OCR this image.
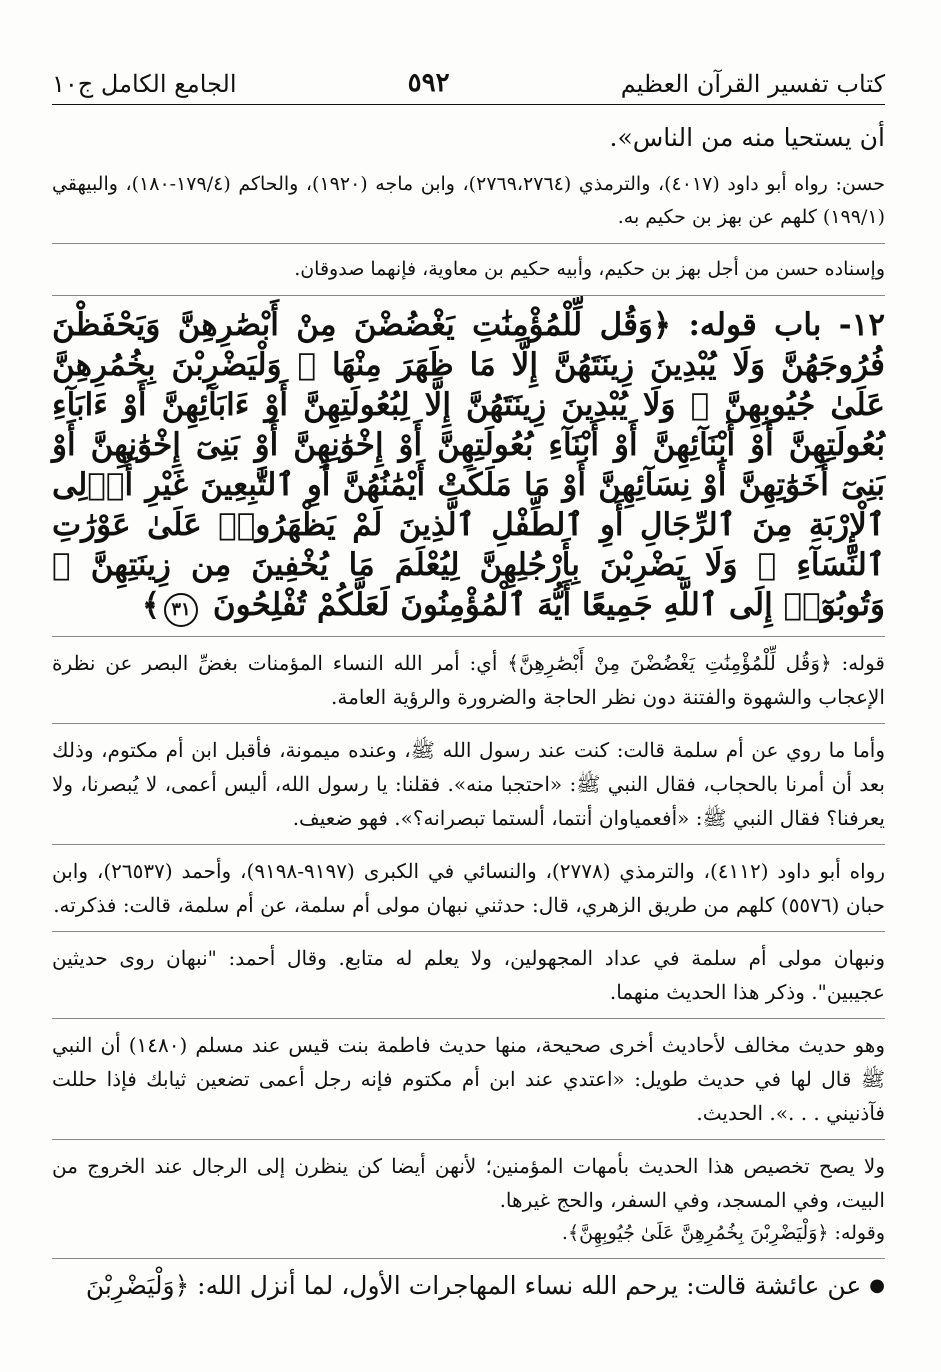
كتاب تفسير القرآن العظيم
٥٩٢
الجامع الكامل ج١٠

أن يستحيا منه من الناس».

حسن: رواه أبو داود (٤٠١٧)، والترمذي (٢٧٦٩،٢٧٦٤)، وابن ماجه (١٩٢٠)، والحاكم (١٧٩/٤-١٨٠)، والبيهقي (١٩٩/١) كلهم عن بهز بن حكيم به.

وإسناده حسن من أجل بهز بن حكيم، وأبيه حكيم بن معاوية، فإنهما صدوقان.

١٢- باب قوله: ﴿وَقُل لِّلْمُؤْمِنَٰتِ يَغْضُضْنَ مِنْ أَبْصَٰرِهِنَّ وَيَحْفَظْنَ فُرُوجَهُنَّ وَلَا يُبْدِينَ زِينَتَهُنَّ إِلَّا مَا ظَهَرَ مِنْهَا ۖ وَلْيَضْرِبْنَ بِخُمُرِهِنَّ عَلَىٰ جُيُوبِهِنَّ ۖ وَلَا يُبْدِينَ زِينَتَهُنَّ إِلَّا لِبُعُولَتِهِنَّ أَوْ ءَابَآئِهِنَّ أَوْ ءَابَآءِ بُعُولَتِهِنَّ أَوْ أَبْنَآئِهِنَّ أَوْ أَبْنَآءِ بُعُولَتِهِنَّ أَوْ إِخْوَٰنِهِنَّ أَوْ بَنِىٓ إِخْوَٰنِهِنَّ أَوْ بَنِىٓ أَخَوَٰتِهِنَّ أَوْ نِسَآئِهِنَّ أَوْ مَا مَلَكَتْ أَيْمَٰنُهُنَّ أَوِ ٱلتَّٰبِعِينَ غَيْرِ أُو۟لِى ٱلْإِرْبَةِ مِنَ ٱلرِّجَالِ أَوِ ٱلطِّفْلِ ٱلَّذِينَ لَمْ يَظْهَرُوا۟ عَلَىٰ عَوْرَٰتِ ٱلنِّسَآءِ ۖ وَلَا يَضْرِبْنَ بِأَرْجُلِهِنَّ لِيُعْلَمَ مَا يُخْفِينَ مِن زِينَتِهِنَّ ۚ وَتُوبُوٓا۟ إِلَى ٱللَّهِ جَمِيعًا أَيُّهَ ٱلْمُؤْمِنُونَ لَعَلَّكُمْ تُفْلِحُونَ ٣١﴾

قوله: ﴿وَقُل لِّلْمُؤْمِنَٰتِ يَغْضُضْنَ مِنْ أَبْصَٰرِهِنَّ﴾ أي: أمر الله النساء المؤمنات بغضِّ البصر عن نظرة الإعجاب والشهوة والفتنة دون نظر الحاجة والضرورة والرؤية العامة.

وأما ما روي عن أم سلمة قالت: كنت عند رسول الله ﷺ، وعنده ميمونة، فأقبل ابن أم مكتوم، وذلك بعد أن أمرنا بالحجاب، فقال النبي ﷺ: «احتجبا منه». فقلنا: يا رسول الله، أليس أعمى، لا يُبصرنا، ولا يعرفنا؟ فقال النبي ﷺ: «أفعمياوان أنتما، ألستما تبصرانه؟». فهو ضعيف.

رواه أبو داود (٤١١٢)، والترمذي (٢٧٧٨)، والنسائي في الكبرى (٩١٩٧-٩١٩٨)، وأحمد (٢٦٥٣٧)، وابن حبان (٥٥٧٦) كلهم من طريق الزهري، قال: حدثني نبهان مولى أم سلمة، عن أم سلمة، قالت: فذكرته.

ونبهان مولى أم سلمة في عداد المجهولين، ولا يعلم له متابع. وقال أحمد: "نبهان روى حديثين عجيبين". وذكر هذا الحديث منهما.

وهو حديث مخالف لأحاديث أخرى صحيحة، منها حديث فاطمة بنت قيس عند مسلم (١٤٨٠) أن النبي ﷺ قال لها في حديث طويل: «اعتدي عند ابن أم مكتوم فإنه رجل أعمى تضعين ثيابك فإذا حللت فآذنيني . . .». الحديث.

ولا يصح تخصيص هذا الحديث بأمهات المؤمنين؛ لأنهن أيضا كن ينظرن إلى الرجال عند الخروج من البيت، وفي المسجد، وفي السفر، والحج غيرها.

وقوله: ﴿وَلْيَضْرِبْنَ بِخُمُرِهِنَّ عَلَىٰ جُيُوبِهِنَّ﴾.

●
عن عائشة قالت: يرحم الله نساء المهاجرات الأول، لما أنزل الله: ﴿وَلْيَضْرِبْنَ
